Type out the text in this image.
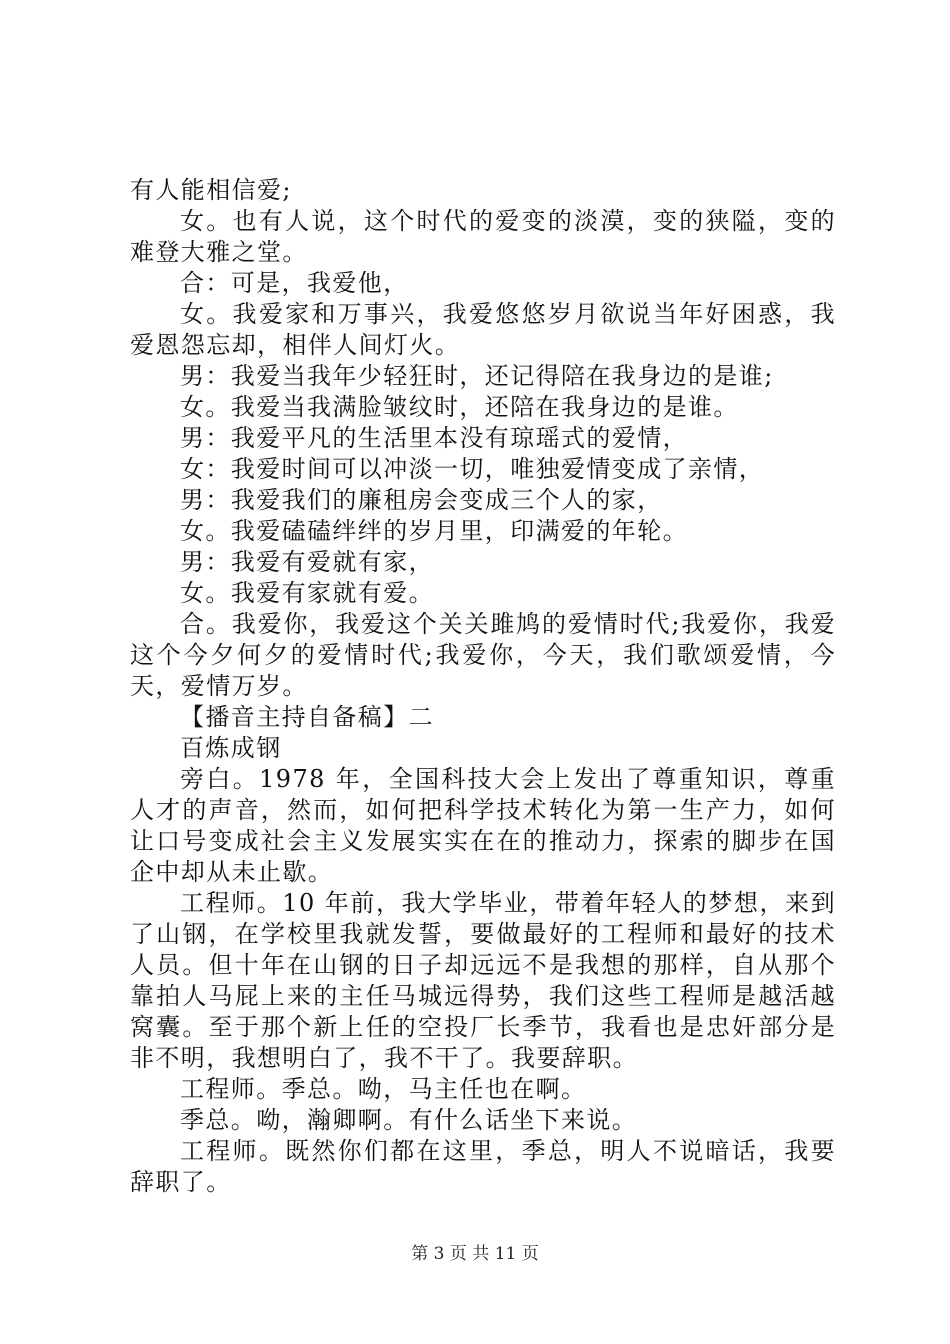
有人能相信爱;

女。也有人说，这个时代的爱变的淡漠，变的狭隘，变的难登大雅之堂。

合：可是，我爱他，

女。我爱家和万事兴，我爱悠悠岁月欲说当年好困惑，我爱恩怨忘却，相伴人间灯火。

男：我爱当我年少轻狂时，还记得陪在我身边的是谁;

女。我爱当我满脸皱纹时，还陪在我身边的是谁。

男：我爱平凡的生活里本没有琼瑶式的爱情，

女：我爱时间可以冲淡一切，唯独爱情变成了亲情，

男：我爱我们的廉租房会变成三个人的家，

女。我爱磕磕绊绊的岁月里，印满爱的年轮。

男：我爱有爱就有家，

女。我爱有家就有爱。

合。我爱你，我爱这个关关雎鸠的爱情时代;我爱你，我爱这个今夕何夕的爱情时代;我爱你，今天，我们歌颂爱情，今天，爱情万岁。

【播音主持自备稿】二

百炼成钢

旁白。1978 年，全国科技大会上发出了尊重知识，尊重人才的声音，然而，如何把科学技术转化为第一生产力，如何让口号变成社会主义发展实实在在的推动力，探索的脚步在国企中却从未止歇。

工程师。10 年前，我大学毕业，带着年轻人的梦想，来到了山钢，在学校里我就发誓，要做最好的工程师和最好的技术人员。但十年在山钢的日子却远远不是我想的那样，自从那个靠拍人马屁上来的主任马城远得势，我们这些工程师是越活越窝囊。至于那个新上任的空投厂长季节，我看也是忠奸部分是非不明，我想明白了，我不干了。我要辞职。

工程师。季总。呦，马主任也在啊。

季总。呦，瀚卿啊。有什么话坐下来说。

工程师。既然你们都在这里，季总，明人不说暗话，我要辞职了。

第 3 页 共 11 页
